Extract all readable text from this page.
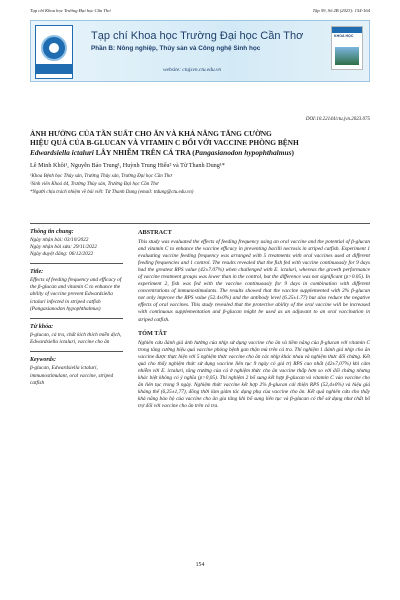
Tạp chí Khoa học Trường Đại học Cần Thơ	Tập 59, Số 2B (2023): 154-164
Tạp chí Khoa học Trường Đại học Cần Thơ
Phần B: Nông nghiệp, Thủy sản và Công nghệ Sinh học
website: ctujsvn.ctu.edu.vn
KHOA HỌC
DOI:10.22144/ctu.jvn.2023.075
ẢNH HƯỞNG CỦA TẦN SUẤT CHO ĂN VÀ KHẢ NĂNG TĂNG CƯỜNG
HIỆU QUẢ CỦA Β-GLUCAN VÀ VITAMIN C ĐỐI VỚI VACCINE PHÒNG BỆNH
Edwardsiella ictaluri LÂY NHIỄM TRÊN CÁ TRA (Pangasianodon hypophthalmus)
Lê Minh Khôi¹, Nguyễn Bảo Trung¹, Huỳnh Trung Hiếu² và Từ Thanh Dung¹*
¹Khoa Bệnh học Thủy sản, Trường Thủy sản, Trường Đại học Cần Thơ
²Sinh viên Khoá 44, Trường Thủy sản, Trường Đại học Cần Thơ
*Người chịu trách nhiệm về bài viết: Từ Thanh Dung (email: ttdung@ctu.edu.vn)
Thông tin chung:
Ngày nhận bài: 03/10/2022
Ngày nhận bài sửa: 29/11/2022
Ngày duyệt đăng: 06/12/2022
Title:
Effects of feeding frequency and efficacy of the β-glucan and vitamin C to enhance the ability of vaccine prevent Edwardsiella ictaluri infected in striped catfish (Pangasianodon hypophthalmus)
Từ khóa:
β-glucan, cá tra, chất kích thích miễn dịch, Edwardsiella ictaluri, vaccine cho ăn
Keywords:
β-glucan, Edwardsiella ictaluri, immunostimulant, oral vaccine, striped catfish
ABSTRACT
This study was evaluated the effects of feeding frequency using an oral vaccine and the potential of β-glucan and vitamin C to enhance the vaccine efficacy in preventing bacilli necrosis in striped catfish. Experiment 1 evaluating vaccine feeding frequency was arranged with 5 treatments with oral vaccines used at different feeding frequencies and 1 control. The results revealed that the fish fed with vaccine continuously for 9 days had the greatest RPS value (42±7.07%) when challenged with E. ictaluri, whereas the growth performance of vaccine treatment groups was lower than in the control, but the difference was not significant (p>0.05). In experiment 2, fish was fed with the vaccine continuously for 9 days in combination with different concentrations of immunostimulants. The results showed that the vaccine supplemented with 2% β-glucan not only improve the RPS value (52.4±0%) and the antibody level (6.25±1.77) but also reduce the negative effects of oral vaccines. This study revealed that the protective ability of the oral vaccine will be increased with continuous supplementation and β-glucan might be used as an adjuvant to an oral vaccination in striped catfish.
TÓM TẮT
Nghiên cứu đánh giá ảnh hưởng của nhịp sử dụng vaccine cho ăn và tiềm năng của β-glucan với vitamin C trong tăng cường hiệu quả vaccine phòng bệnh gan thận mủ trên cá tra. Thí nghiệm 1 đánh giá nhịp cho ăn vaccine được thực hiện với 5 nghiệm thức vaccine cho ăn các nhịp khác nhau và nghiệm thức đối chứng. Kết quả cho thấy nghiệm thức sử dụng vaccine liên tục 9 ngày có giá trị RPS cao nhất (42±7,07%) khi cảm nhiễm với E. ictaluri, tăng trưởng của cá ở nghiệm thức cho ăn vaccine thấp hơn so với đối chứng nhưng khác biệt không có ý nghĩa (p>0,05). Thí nghiệm 2 bổ sung kết hợp β-glucan và vitamin C vào vaccine cho ăn liên tục trong 9 ngày. Nghiệm thức vaccine kết hợp 2% β-glucan cải thiện RPS (52,4±0%) và hiệu giá kháng thể (6,25±1,77), đồng thời làm giảm tác dụng phụ của vaccine cho ăn. Kết quả nghiên cứu cho thấy khả năng bảo hộ của vaccine cho ăn gia tăng khi bổ sung liên tục và β-glucan có thể sử dụng như chất bổ trợ đối với vaccine cho ăn trên cá tra.
154
